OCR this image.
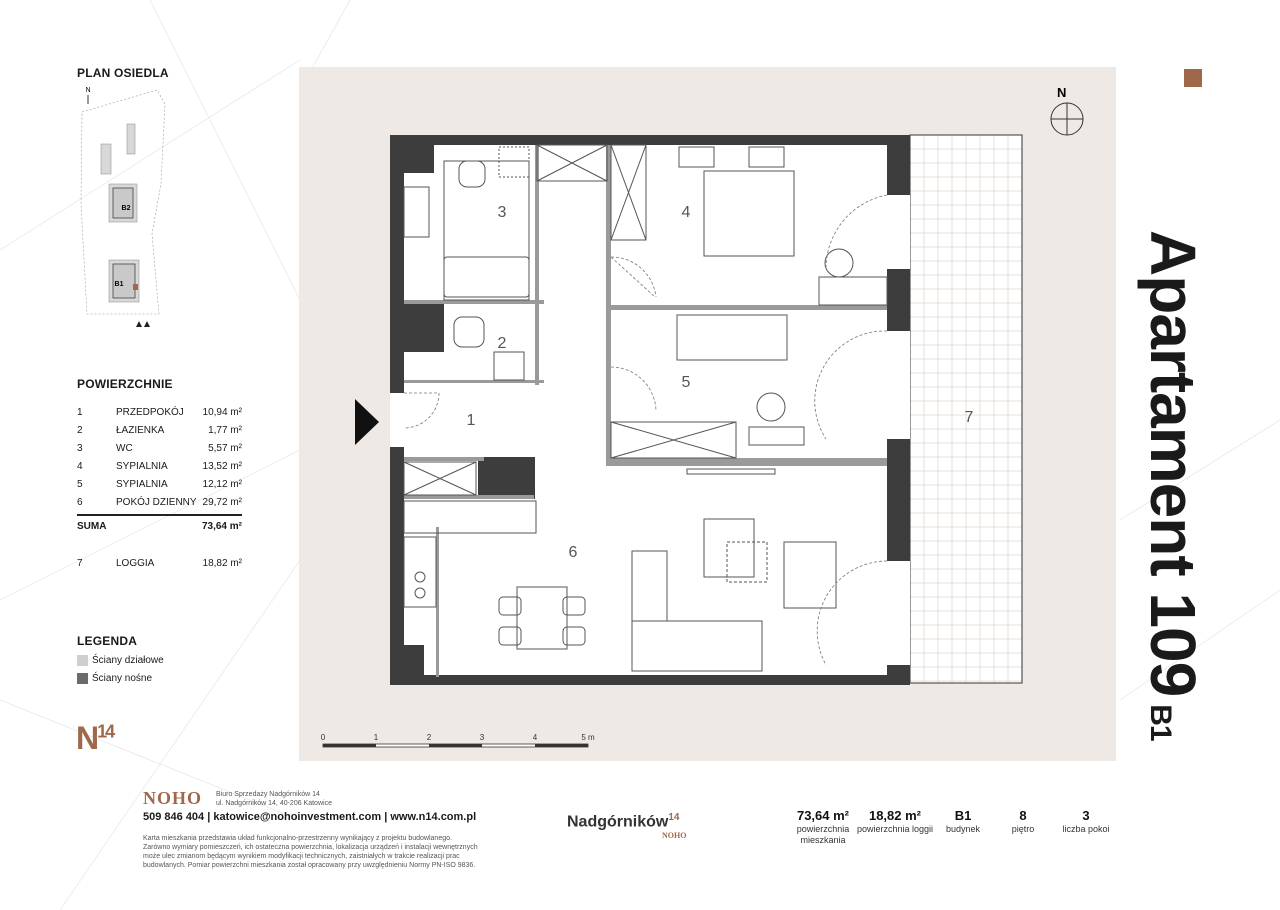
PLAN OSIEDLA
N
B2
B1
POWIERZCHNIE
1	PRZEDPOKÓJ 10,94 m²
2	ŁAZIENKA	1,77 m²
3	WC	5,57 m²
4	SYPIALNIA	13,52 m²
5	SYPIALNIA	12,12 m²
6	POKÓJ DZIENNY 29,72 m²
SUMA	73,64 m²
7	LOGGIA	18,82 m²
LEGENDA
Ściany działowe
Ściany nośne
$N^{14}$
1
2
3	4
5
6
7
N
0	1	2	3	4	5 m
Apartament 109B1
NOHO Biuro Sprzedaży Nadgórników 14
ul. Nadgórników 14, 40-206 Katowice
509 846 404 | katowice@nohoinvestment.com | www.n14.com.pl
Karta mieszkania przedstawia układ funkcjonalno-przestrzenny wynikający z projektu budowlanego.
Zarówno wymiary pomieszczeń, ich ostateczna powierzchnia, lokalizacja urządzeń i instalacji wewnętrznych
może ulec zmianom będącym wynikiem modyfikacji technicznych, zaistniałych w trakcie realizacji prac
budowlanych. Pomiar powierzchni mieszkania został opracowany przy uwzględnieniu Normy PN-ISO 9836.
Nadgórników$^{14}$
NOHO
73,64 m²
powierzchnia mieszkania
18,82 m²
powierzchnia loggii
B1
budynek
8
piętro
3
liczba pokoi
